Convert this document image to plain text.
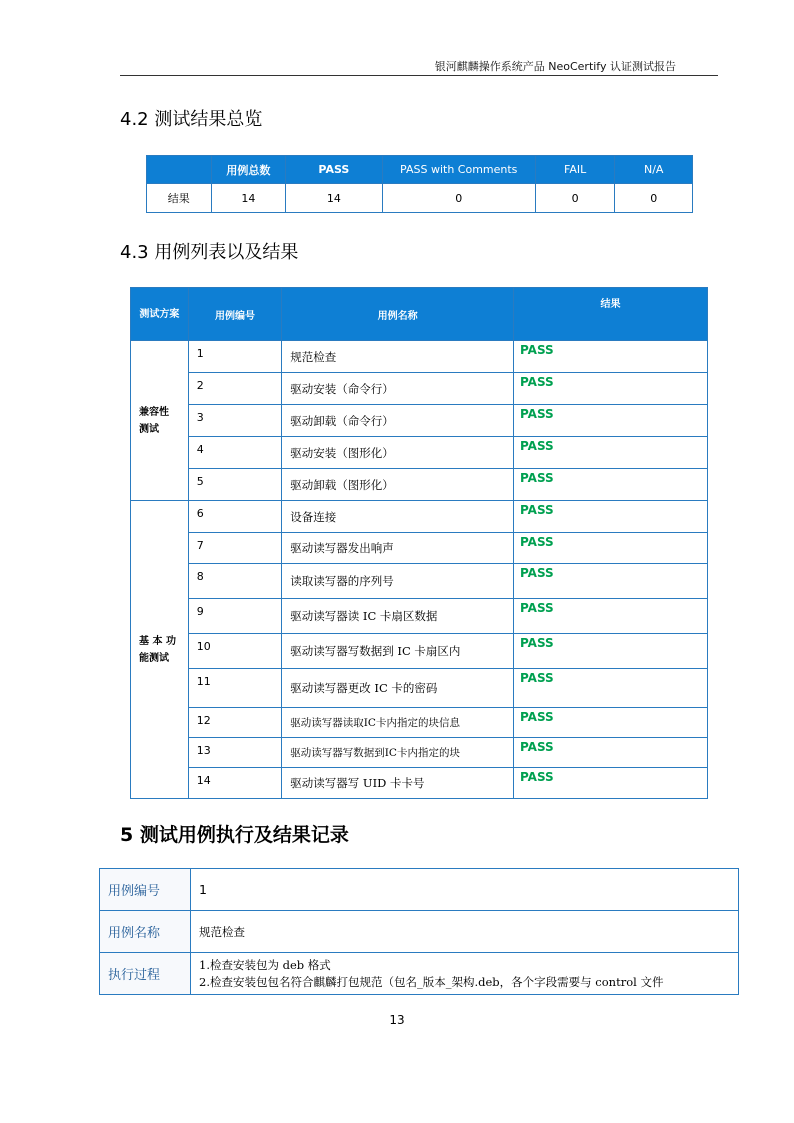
银河麒麟操作系统产品 NeoCertify 认证测试报告
4.2 测试结果总览
	用例总数	PASS	PASS with Comments	FAIL	N/A
结果	14	14	0	0	0
4.3 用例列表以及结果
测试方案	用例编号	用例名称	结果
兼容性
测试	1	规范检查	PASS
	2	驱动安装（命令行）	PASS
	3	驱动卸载（命令行）	PASS
	4	驱动安装（图形化）	PASS
	5	驱动卸载（图形化）	PASS
基 本 功
能测试	6	设备连接	PASS
	7	驱动读写器发出响声	PASS
	8	读取读写器的序列号	PASS
	9	驱动读写器读 IC 卡扇区数据	PASS
	10	驱动读写器写数据到 IC 卡扇区内	PASS
	11	驱动读写器更改 IC 卡的密码	PASS
	12	驱动读写器读取IC卡内指定的块信息	PASS
	13	驱动读写器写数据到IC卡内指定的块	PASS
	14	驱动读写器写 UID 卡卡号	PASS
5 测试用例执行及结果记录
用例编号	1
用例名称	规范检查
执行过程	1.检查安装包为 deb 格式
2.检查安装包包名符合麒麟打包规范（包名_版本_架构.deb，各个字段需要与 control 文件
13
